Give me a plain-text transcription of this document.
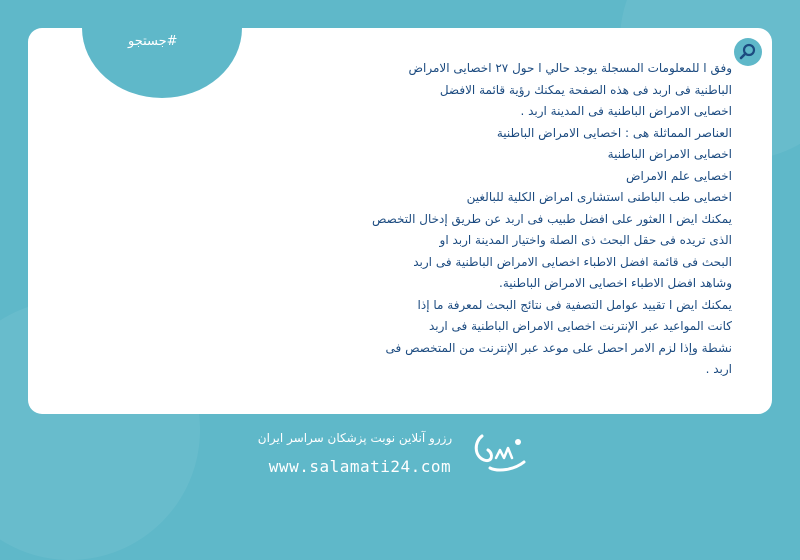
#جستجو

وفق ا للمعلومات المسجلة يوجد حالي ا حول ٢٧ اخصايی الامراض

الباطنية فی اربد فی هذه الصفحة يمكنك رؤية قائمة الافضل

اخصايی الامراض الباطنية فی المدينة اربد .

العناصر المماثلة هی : اخصايی الامراض الباطنية

اخصايی الامراض الباطنية

اخصايی علم الامراض

اخصايی طب الباطنی استشاری امراض الكلية للبالغين

يمكنك ايض ا العثور علی افضل طبيب فی اربد عن طريق إدخال التخصص

الذی تريده فی حقل البحث ذی الصلة واختيار المدينة اربد او

البحث فی قائمة افضل الاطباء اخصايی الامراض الباطنية فی اربد

وشاهد افضل الاطباء اخصايی الامراض الباطنية.

يمكنك ايض ا تقييد عوامل التصفية فی نتائج البحث لمعرفة ما إذا

كانت المواعيد عبر الإنترنت اخصايی الامراض الباطنية فی اربد

نشطة وإذا لزم الامر احصل علی موعد عبر الإنترنت من المتخصص فی

اربد .

رزرو آنلاین نوبت پزشکان سراسر ایران
www.salamati24.com
